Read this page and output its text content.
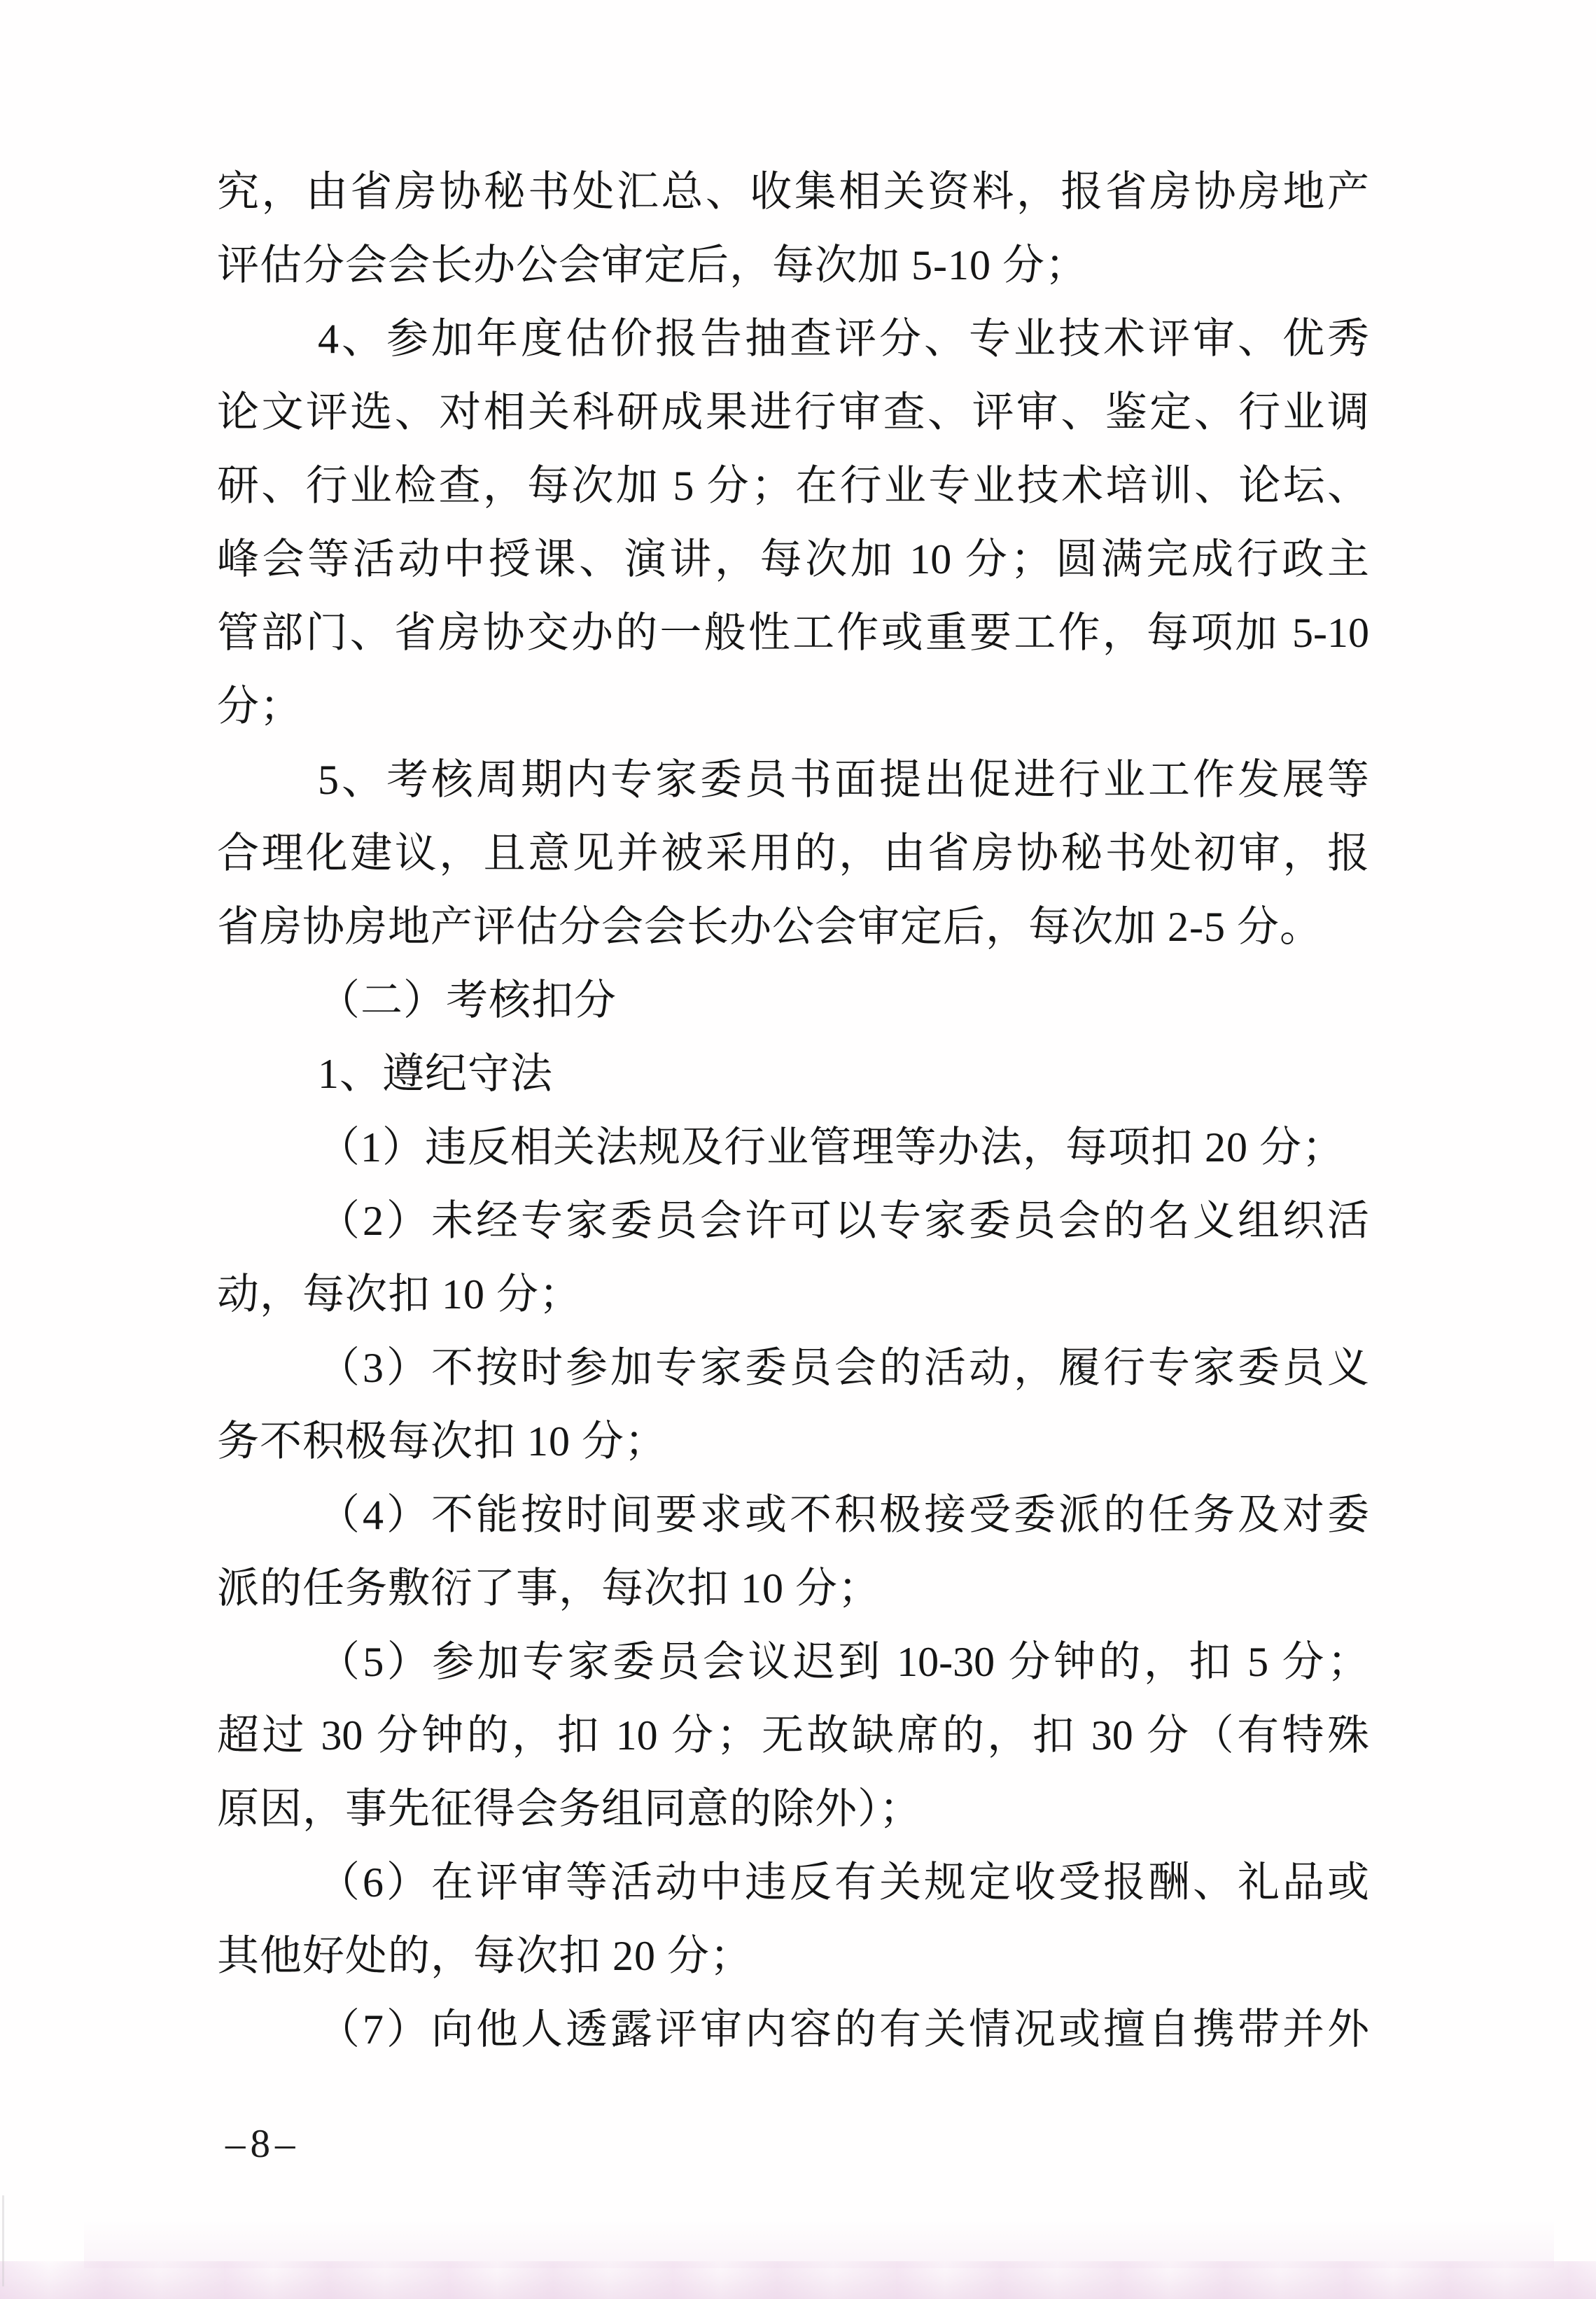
究，由省房协秘书处汇总、收集相关资料，报省房协房地产
评估分会会长办公会审定后，每次加 5-10 分；
4、参加年度估价报告抽查评分、专业技术评审、优秀
论文评选、对相关科研成果进行审查、评审、鉴定、行业调
研、行业检查，每次加 5 分；在行业专业技术培训、论坛、
峰会等活动中授课、演讲，每次加 10 分；圆满完成行政主
管部门、省房协交办的一般性工作或重要工作，每项加 5-10
分；
5、考核周期内专家委员书面提出促进行业工作发展等
合理化建议，且意见并被采用的，由省房协秘书处初审，报
省房协房地产评估分会会长办公会审定后，每次加 2-5 分。
（二）考核扣分
1、遵纪守法
（1）违反相关法规及行业管理等办法，每项扣 20 分；
（2）未经专家委员会许可以专家委员会的名义组织活
动，每次扣 10 分；
（3）不按时参加专家委员会的活动，履行专家委员义
务不积极每次扣 10 分；
（4）不能按时间要求或不积极接受委派的任务及对委
派的任务敷衍了事，每次扣 10 分；
（5）参加专家委员会议迟到 10-30 分钟的，扣 5 分；
超过 30 分钟的，扣 10 分；无故缺席的，扣 30 分（有特殊
原因，事先征得会务组同意的除外）；
（6）在评审等活动中违反有关规定收受报酬、礼品或
其他好处的，每次扣 20 分；
（7）向他人透露评审内容的有关情况或擅自携带并外
–8–
